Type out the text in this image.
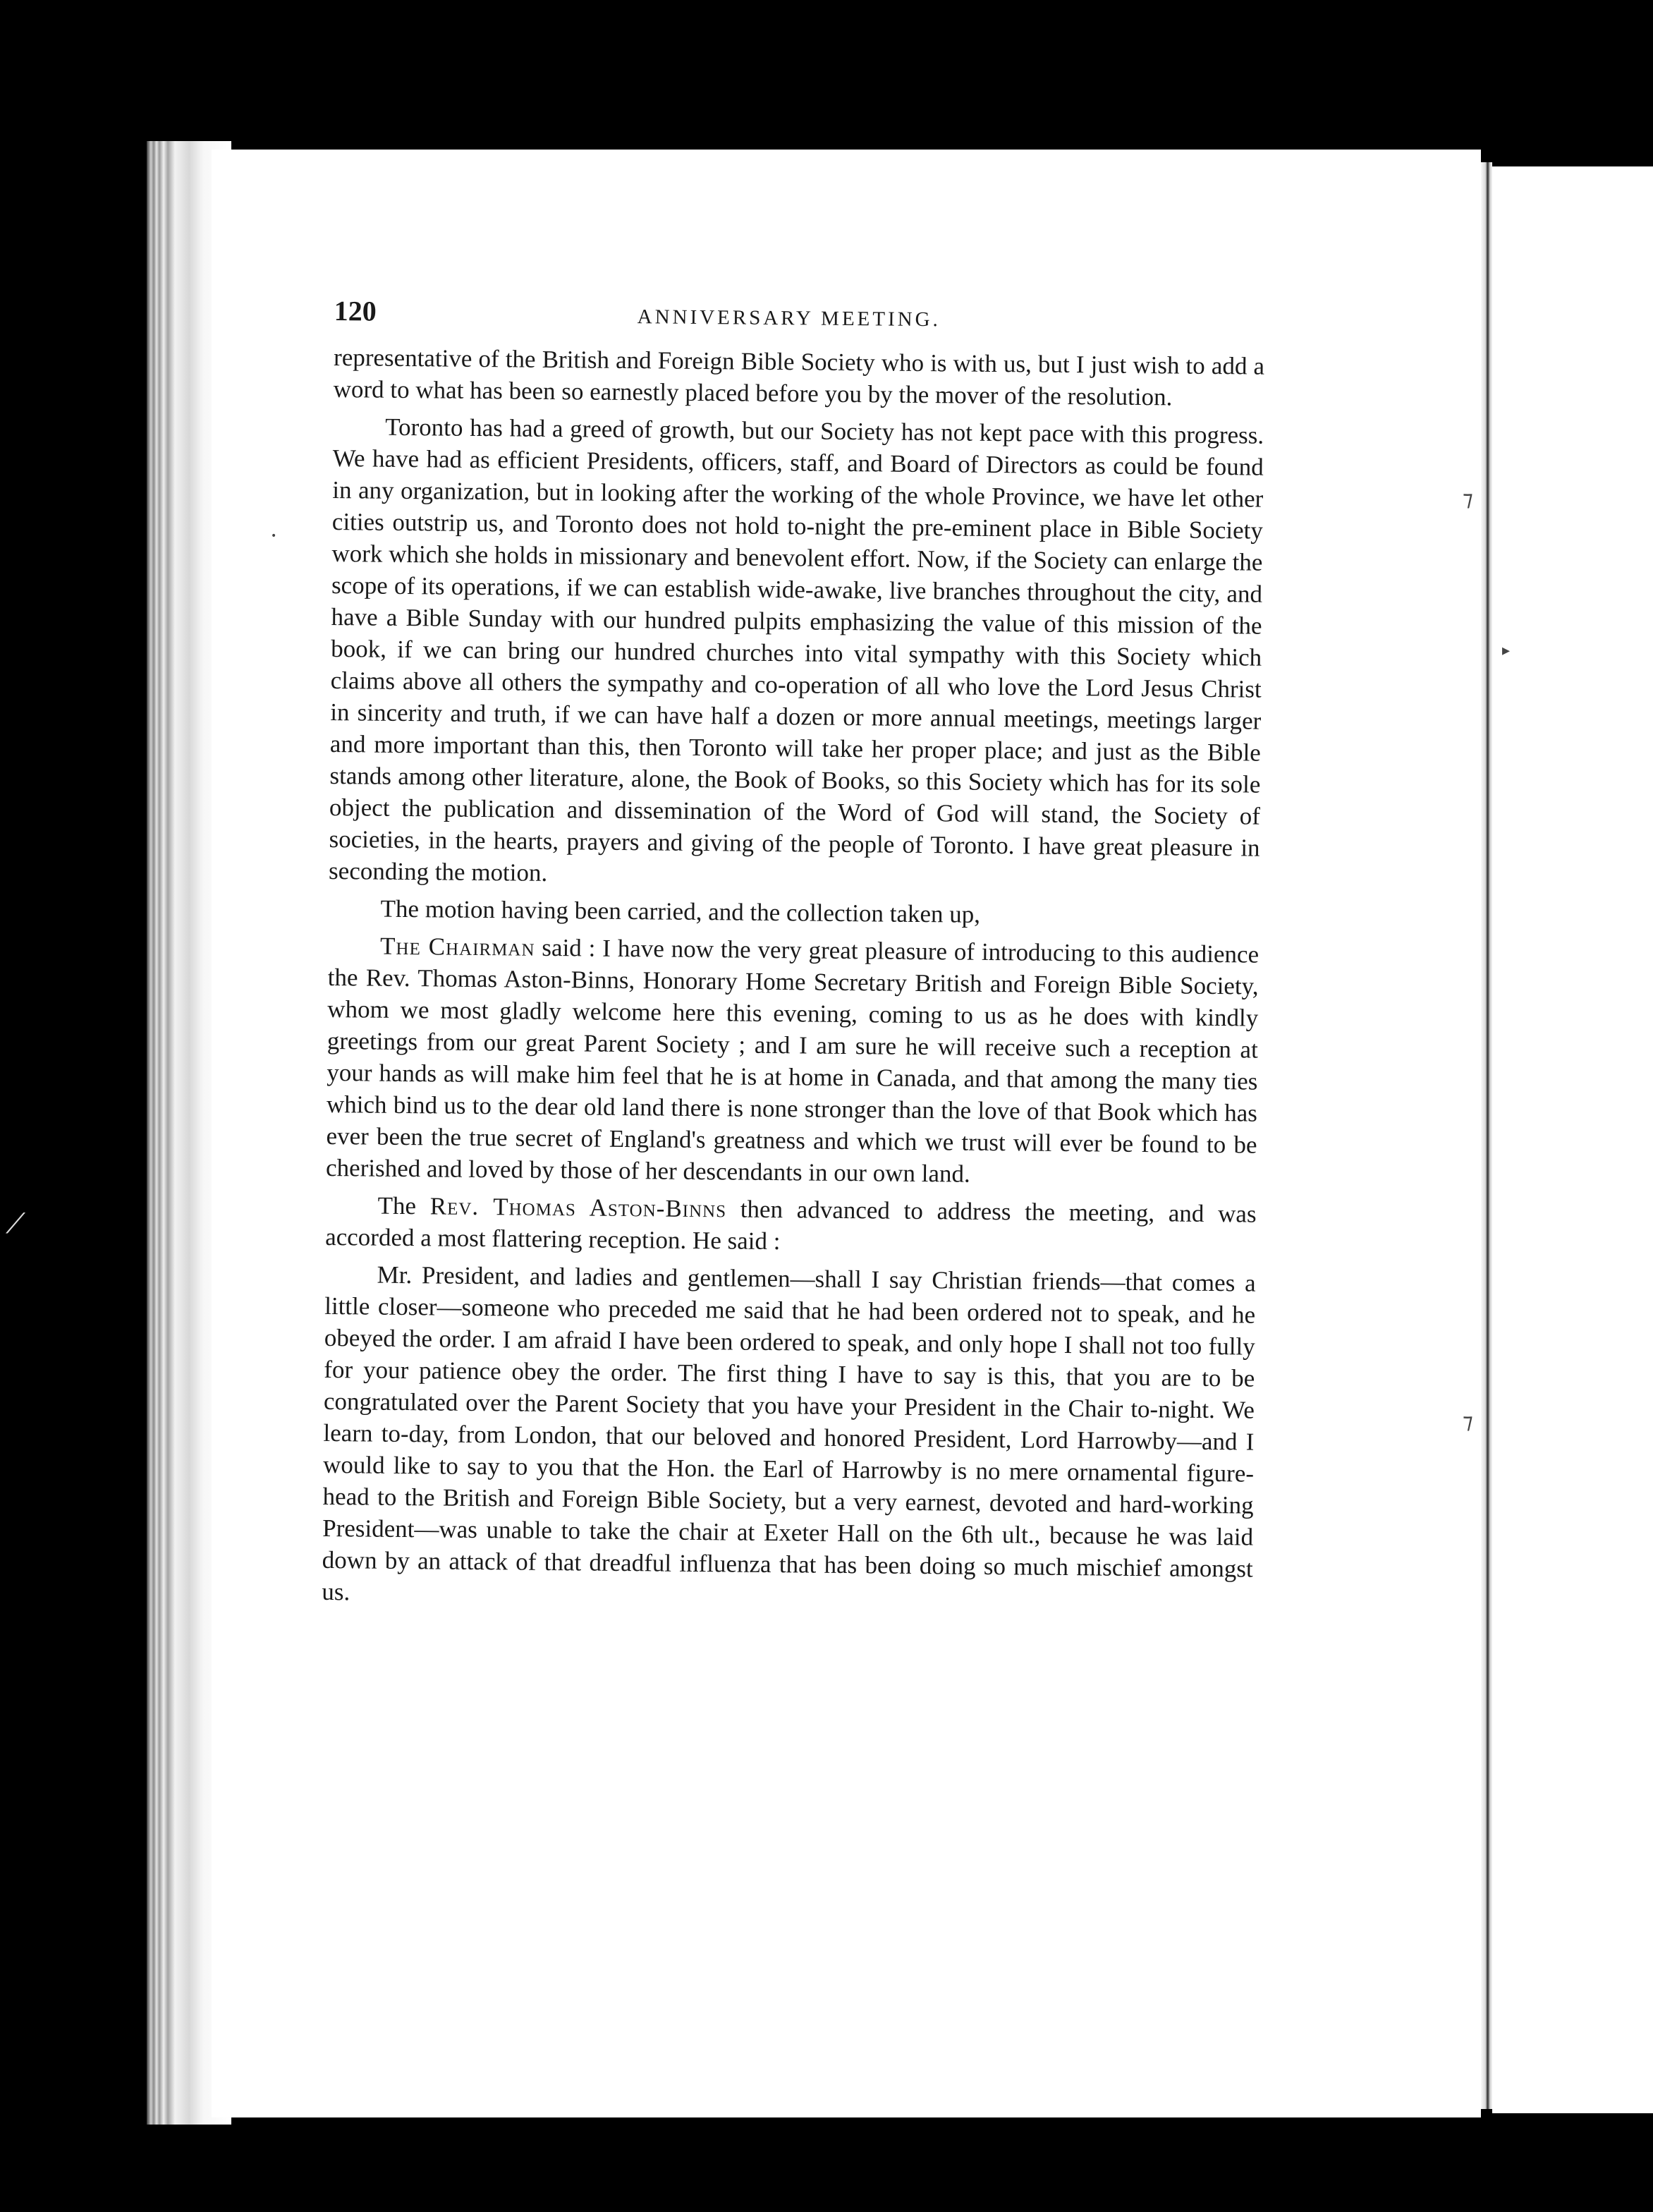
•
⟋
⁊
▸
⁊
120	ANNIVERSARY MEETING.

representative of the British and Foreign Bible Society who is with us, but I just wish to add a word to what has been so earnestly placed before you by the mover of the resolution.

Toronto has had a greed of growth, but our Society has not kept pace with this progress. We have had as efficient Presidents, officers, staff, and Board of Directors as could be found in any organization, but in looking after the working of the whole Province, we have let other cities outstrip us, and Toronto does not hold to-night the pre-eminent place in Bible Society work which she holds in missionary and benevolent effort. Now, if the Society can enlarge the scope of its operations, if we can establish wide-awake, live branches throughout the city, and have a Bible Sunday with our hundred pulpits emphasizing the value of this mission of the book, if we can bring our hundred churches into vital sympathy with this Society which claims above all others the sympathy and co-operation of all who love the Lord Jesus Christ in sincerity and truth, if we can have half a dozen or more annual meetings, meetings larger and more important than this, then Toronto will take her proper place; and just as the Bible stands among other literature, alone, the Book of Books, so this Society which has for its sole object the publication and dissemination of the Word of God will stand, the Society of societies, in the hearts, prayers and giving of the people of Toronto. I have great pleasure in seconding the motion.

The motion having been carried, and the collection taken up,

The Chairman said : I have now the very great pleasure of introducing to this audience the Rev. Thomas Aston-Binns, Honorary Home Secretary British and Foreign Bible Society, whom we most gladly welcome here this evening, coming to us as he does with kindly greetings from our great Parent Society ; and I am sure he will receive such a reception at your hands as will make him feel that he is at home in Canada, and that among the many ties which bind us to the dear old land there is none stronger than the love of that Book which has ever been the true secret of England's greatness and which we trust will ever be found to be cherished and loved by those of her descendants in our own land.

The Rev. Thomas Aston-Binns then advanced to address the meeting, and was accorded a most flattering reception. He said :

Mr. President, and ladies and gentlemen—shall I say Christian friends—that comes a little closer—someone who preceded me said that he had been ordered not to speak, and he obeyed the order. I am afraid I have been ordered to speak, and only hope I shall not too fully for your patience obey the order. The first thing I have to say is this, that you are to be congratulated over the Parent Society that you have your President in the Chair to-night. We learn to-day, from London, that our beloved and honored President, Lord Harrowby—and I would like to say to you that the Hon. the Earl of Harrowby is no mere ornamental figure-head to the British and Foreign Bible Society, but a very earnest, devoted and hard-working President—was unable to take the chair at Exeter Hall on the 6th ult., because he was laid down by an attack of that dreadful influenza that has been doing so much mischief amongst us.
